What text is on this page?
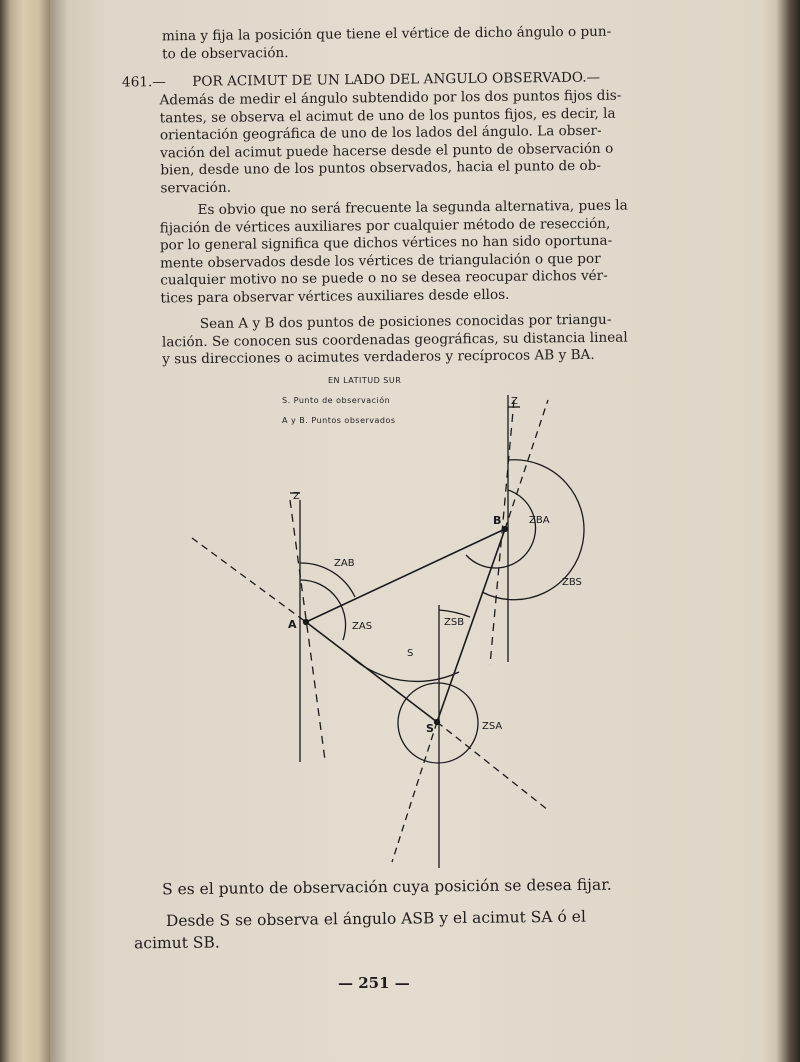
mina y fija la posición que tiene el vértice de dicho ángulo o pun-
to de observación.
461.— POR ACIMUT DE UN LADO DEL ANGULO OBSERVADO.—
Además de medir el ángulo subtendido por los dos puntos fijos dis-
tantes, se observa el acimut de uno de los puntos fijos, es decir, la
orientación geográfica de uno de los lados del ángulo. La obser-
vación del acimut puede hacerse desde el punto de observación o
bien, desde uno de los puntos observados, hacia el punto de ob-
servación.
Es obvio que no será frecuente la segunda alternativa, pues la
fijación de vértices auxiliares por cualquier método de resección,
por lo general significa que dichos vértices no han sido oportuna-
mente observados desde los vértices de triangulación o que por
cualquier motivo no se puede o no se desea reocupar dichos vér-
tices para observar vértices auxiliares desde ellos.
Sean A y B dos puntos de posiciones conocidas por triangu-
lación. Se conocen sus coordenadas geográficas, su distancia lineal
y sus direcciones o acimutes verdaderos y recíprocos AB y BA.
EN LATITUD SUR
S. Punto de observación
A y B. Puntos observados
A
B
S
Z
Z
ZAB
ZAS	ZSB
ZSA
ZBA
ZBS
S
S es el punto de observación cuya posición se desea fijar.
Desde S se observa el ángulo ASB y el acimut SA ó el
acimut SB.
— 251 —
